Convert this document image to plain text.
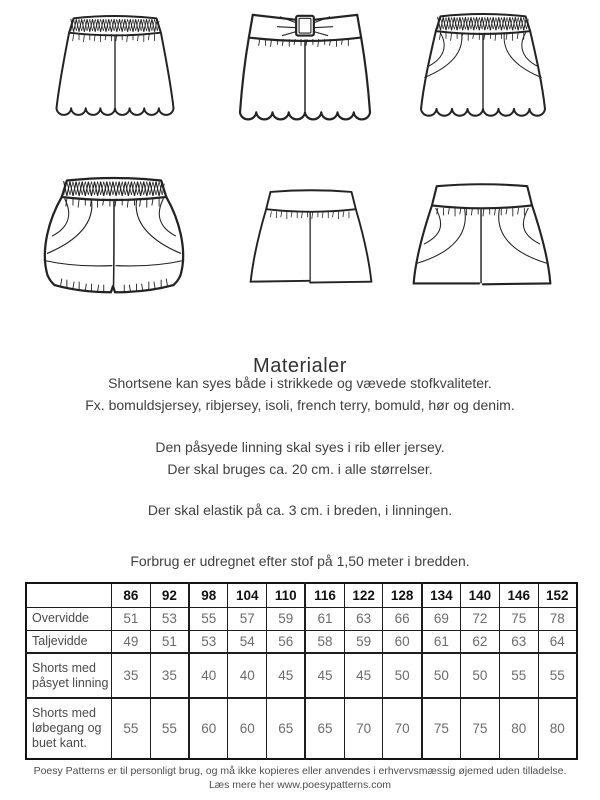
Materialer
Shortsene kan syes både i strikkede og vævede stofkvaliteter.
Fx. bomuldsjersey, ribjersey, isoli, french terry, bomuld, hør og denim.
Den påsyede linning skal syes i rib eller jersey.
Der skal bruges ca. 20 cm. i alle størrelser.
Der skal elastik på ca. 3 cm. i breden, i linningen.
Forbrug er udregnet efter stof på 1,50 meter i bredden.
	86	92	98	104	110	116	122	128	134	140	146	152
Overvidde	51	53	55	57	59	61	63	66	69	72	75	78
Taljevidde	49	51	53	54	56	58	59	60	61	62	63	64
Shorts med påsyet linning	35	35	40	40	45	45	45	50	50	50	55	55
Shorts med løbegang og buet kant.	55	55	60	60	65	65	70	70	75	75	80	80
Poesy Patterns er til personligt brug, og må ikke kopieres eller anvendes i erhvervsmæssig øjemed uden tilladelse.
Læs mere her www.poesypatterns.com
